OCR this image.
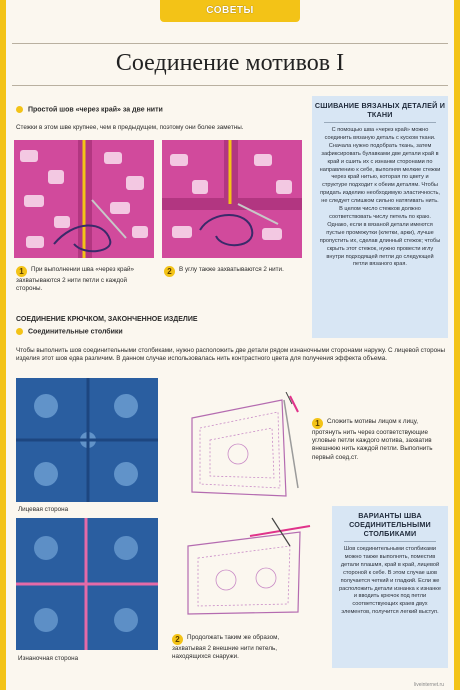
СОВЕТЫ
Соединение мотивов I
Простой шов «через край» за две нити
Стежки в этом шве крупнее, чем в предыдущем, поэтому они более заметны.
1 При выполнении шва «через край» захватываются 2 нити петли с каждой стороны.
2 В углу также захватываются 2 нити.
СШИВАНИЕ ВЯЗАНЫХ ДЕТАЛЕЙ И ТКАНИ
С помощью шва «через край» можно соединить вязаную деталь с куском ткани. Сначала нужно подобрать ткань, затем зафиксировать булавками две детали край в край и сшить их с изнанки сторонами по направлению к себе, выполняя мелкие стежки через край нитью, которая по цвету и структуре подходит к обеим деталям. Чтобы придать изделию необходимую эластичность, не следует слишком сильно натягивать нить. В целом число стежков должно соответствовать числу петель по краю. Однако, если в вязаной детали имеются пустые промежутки (клетки, арки), лучше пропустить их, сделав длинный стежок; чтобы скрыть этот стежок, нужно провести иглу внутри подходящей петли до следующей петли вязаного края.
СОЕДИНЕНИЕ КРЮЧКОМ, ЗАКОНЧЕННОЕ ИЗДЕЛИЕ
Соединительные столбики
Чтобы выполнить шов соединительными столбиками, нужно расположить две детали рядом изнаночными сторонами наружу. С лицевой стороны изделия этот шов едва различим. В данном случае использовалась нить контрастного цвета для получения эффекта объема.
Лицевая сторона
Изнаночная сторона
1 Сложить мотивы лицом к лицу, протянуть нить через соответствующие угловые петли каждого мотива, захватив внешнюю нить каждой петли. Выполнить первый соед.ст.
2 Продолжать таким же образом, захватывая 2 внешние нити петель, находящихся снаружи.
ВАРИАНТЫ ШВА СОЕДИНИТЕЛЬНЫМИ СТОЛБИКАМИ
Шов соединительными столбиками можно также выполнять, поместив детали плашмя, край в край, лицевой стороной к себе. В этом случае шов получается четкий и гладкий. Если же расположить детали изнанка к изнанке и вводить крючок под петли соответствующих краев двух элементов, получится легкий выступ.
liveinternet.ru
